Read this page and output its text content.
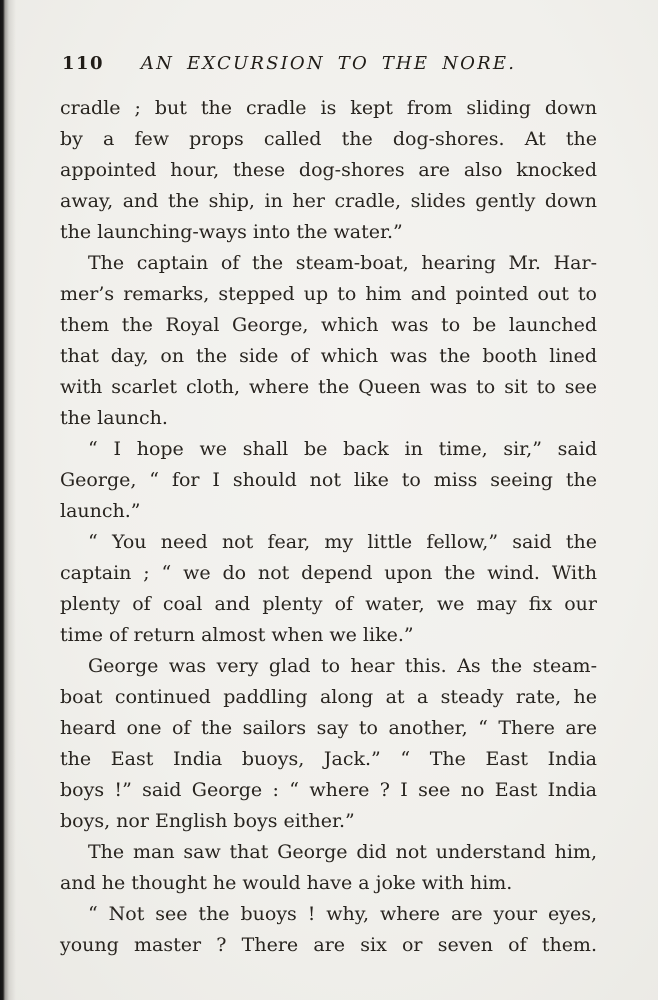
110	AN EXCURSION TO THE NORE.
cradle ; but the cradle is kept from sliding down
by a few props called the dog-shores. At the
appointed hour, these dog-shores are also knocked
away, and the ship, in her cradle, slides gently down
the launching-ways into the water.”
The captain of the steam-boat, hearing Mr. Har-
mer’s remarks, stepped up to him and pointed out to
them the Royal George, which was to be launched
that day, on the side of which was the booth lined
with scarlet cloth, where the Queen was to sit to see
the launch.
“ I hope we shall be back in time, sir,” said
George, “ for I should not like to miss seeing the
launch.”
“ You need not fear, my little fellow,” said the
captain ; “ we do not depend upon the wind. With
plenty of coal and plenty of water, we may fix our
time of return almost when we like.”
George was very glad to hear this. As the steam-
boat continued paddling along at a steady rate, he
heard one of the sailors say to another, “ There are
the East India buoys, Jack.” “ The East India
boys !” said George : “ where ? I see no East India
boys, nor English boys either.”
The man saw that George did not understand him,
and he thought he would have a joke with him.
“ Not see the buoys ! why, where are your eyes,
young master ? There are six or seven of them.
